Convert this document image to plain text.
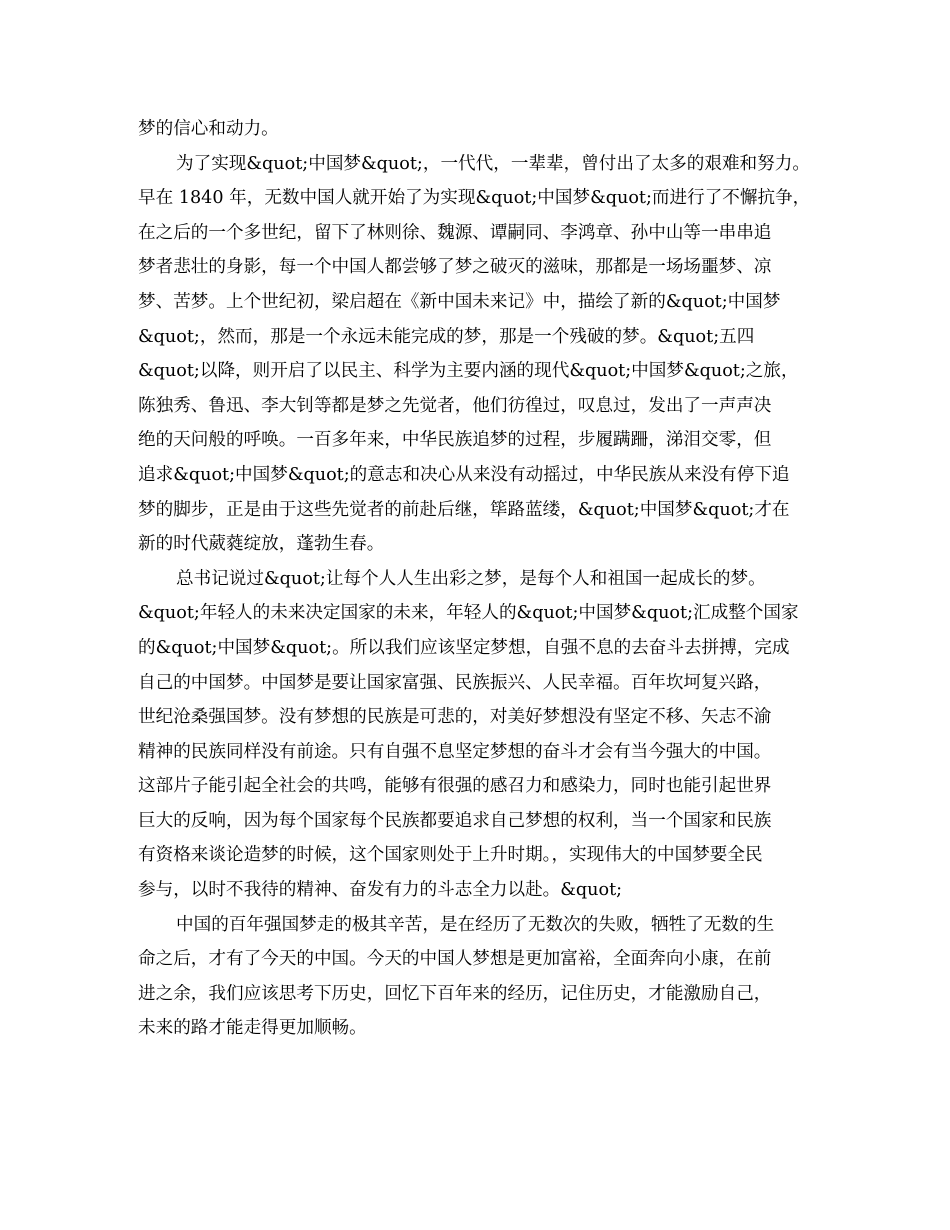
梦的信心和动力。
为了实现&quot;中国梦&quot;，一代代，一辈辈，曾付出了太多的艰难和努力。
早在 1840 年，无数中国人就开始了为实现&quot;中国梦&quot;而进行了不懈抗争，
在之后的一个多世纪，留下了林则徐、魏源、谭嗣同、李鸿章、孙中山等一串串追
梦者悲壮的身影，每一个中国人都尝够了梦之破灭的滋味，那都是一场场噩梦、凉
梦、苦梦。上个世纪初，梁启超在《新中国未来记》中，描绘了新的&quot;中国梦
&quot;，然而，那是一个永远未能完成的梦，那是一个残破的梦。&quot;五四
&quot;以降，则开启了以民主、科学为主要内涵的现代&quot;中国梦&quot;之旅，
陈独秀、鲁迅、李大钊等都是梦之先觉者，他们彷徨过，叹息过，发出了一声声决
绝的天问般的呼唤。一百多年来，中华民族追梦的过程，步履蹒跚，涕泪交零，但
追求&quot;中国梦&quot;的意志和决心从来没有动摇过，中华民族从来没有停下追
梦的脚步，正是由于这些先觉者的前赴后继，筚路蓝缕，&quot;中国梦&quot;才在
新的时代葳蕤绽放，蓬勃生春。
总书记说过&quot;让每个人人生出彩之梦，是每个人和祖国一起成长的梦。
&quot;年轻人的未来决定国家的未来，年轻人的&quot;中国梦&quot;汇成整个国家
的&quot;中国梦&quot;。所以我们应该坚定梦想，自强不息的去奋斗去拼搏，完成
自己的中国梦。中国梦是要让国家富强、民族振兴、人民幸福。百年坎坷复兴路，
世纪沧桑强国梦。没有梦想的民族是可悲的，对美好梦想没有坚定不移、矢志不渝
精神的民族同样没有前途。只有自强不息坚定梦想的奋斗才会有当今强大的中国。
这部片子能引起全社会的共鸣，能够有很强的感召力和感染力，同时也能引起世界
巨大的反响，因为每个国家每个民族都要追求自己梦想的权利，当一个国家和民族
有资格来谈论造梦的时候，这个国家则处于上升时期。，实现伟大的中国梦要全民
参与，以时不我待的精神、奋发有力的斗志全力以赴。&quot;
中国的百年强国梦走的极其辛苦，是在经历了无数次的失败，牺牲了无数的生
命之后，才有了今天的中国。今天的中国人梦想是更加富裕，全面奔向小康，在前
进之余，我们应该思考下历史，回忆下百年来的经历，记住历史，才能激励自己，
未来的路才能走得更加顺畅。
